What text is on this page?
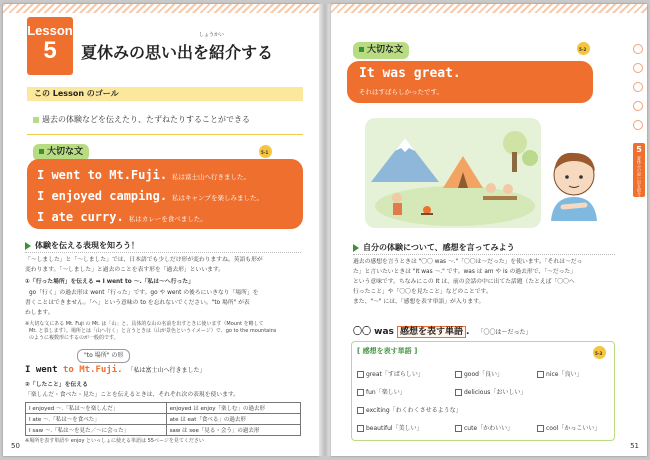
Lesson
5
しょうかい
夏休みの思い出を紹介する
この Lesson のゴール
過去の体験などを伝えたり、たずねたりすることができる
大切な文	5-1
I went to Mt.Fuji. 私は富士山へ行きました。
I enjoyed camping. 私はキャンプを楽しみました。
I ate curry. 私はカレーを食べました。
体験を伝える表現を知ろう！
「～しました」と「～しました」では、日本語でも少しだけ形が変わりますね。英語も形が
変わります。「～しました」と過去のことを表す形を「過去形」といいます。
①「行った場所」を伝える ➡ I went to ～.「私は～へ行った」
go「行く」の過去形は went「行った」です。go や went の後ろにいきなり「場所」を
書くことはできません。「へ」という意味の to を忘れないでください。"to 場所" が表
わします。
※大切な文にある Mt. Fuji の Mt. は「山」と、具体的な山の名前を出すときに使います（Mount を略して
Mt. と表します）。場所とは「山へ行く」と言うときは（山が景色というイメージ）で、go to the mountains
のように複数形にするのが一般的です。
"to 場所" の形
I went to Mt.Fuji. 「私は富士山へ行きました」
②「したこと」を伝える
「楽しんだ・食べた・見た」ことを伝えるときは、それぞれ次の表現を使います。
I enjoyed ～.「私は～を楽しんだ」	enjoyed は enjoy「楽しむ」の過去形
I ate ～.「私は～を食べた」	ate は eat「食べる」の過去形
I saw ～.「私は～を見た／～に会った」	saw は see「見る・会う」の過去形
※場所を表す単語や enjoy といっしょに使える単語は 55ページを見てください
50
大切な文	5-2
It was great.
それはすばらしかったです。
5
夏休みの思い出を紹介する
自分の体験について、感想を言ってみよう
過去の感想を言うときは "〇〇 was ～."「〇〇は～だった」を使います。「それは～だっ
た」と言いたいときは "It was ～." です。was は am や is の過去形で、「～だった」
という意味です。ちなみにこの It は、前の会話の中に出てた話題（たとえば「〇〇へ
行ったこと」や「〇〇を見たこと」などのことです。
また、"～" には、「感想を表す単語」が入ります。
〇〇 was 感想を表す単語 . 「〇〇は～だった」
[ 感想を表す単語 ]	5-3
great「すばらしい」	good「良い」	nice「良い」
fun「楽しい」	delicious「おいしい」
exciting「わくわくさせるような」
beautiful「美しい」	cute「かわいい」	cool「かっこいい」
51
